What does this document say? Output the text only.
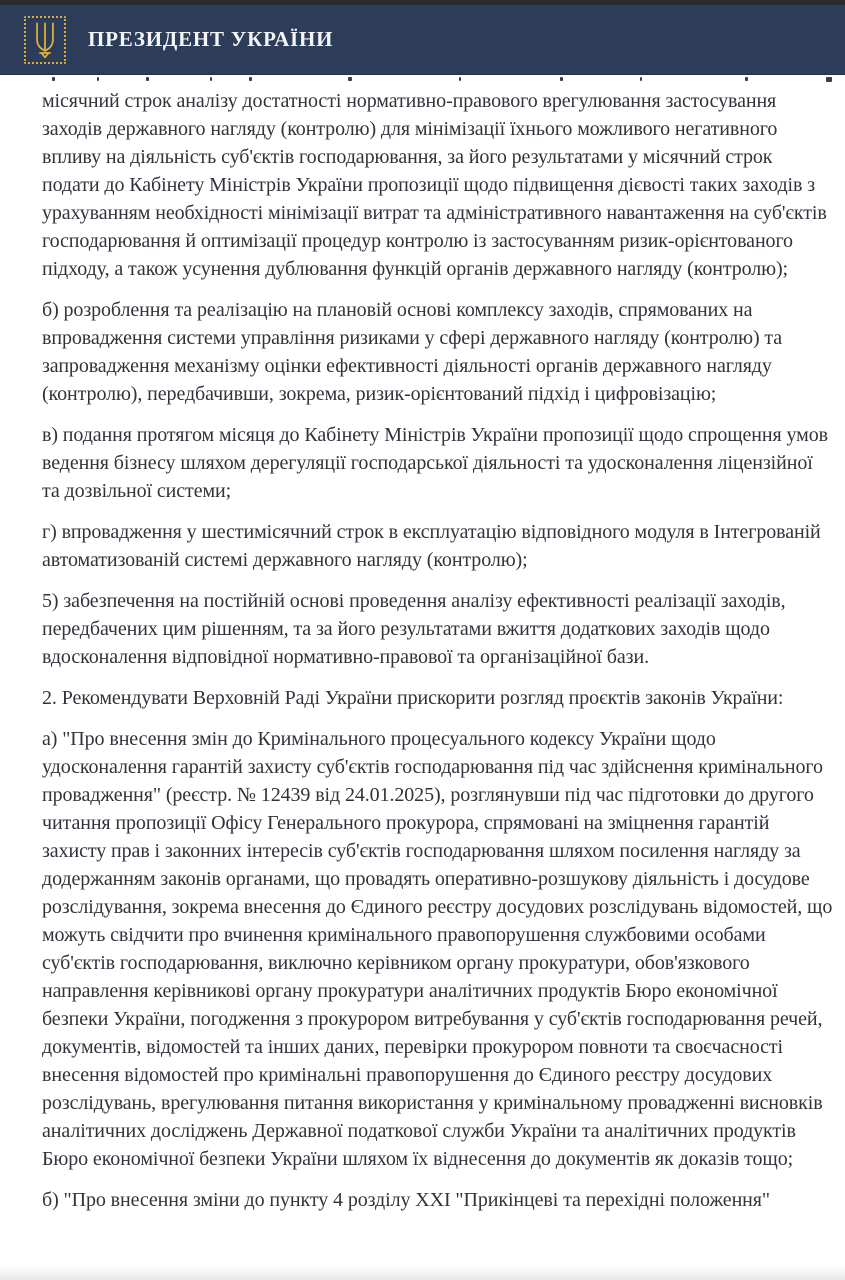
ПРЕЗИДЕНТ УКРАЇНИ

місячний строк аналізу достатності нормативно-правового врегулювання застосування заходів державного нагляду (контролю) для мінімізації їхнього можливого негативного впливу на діяльність суб'єктів господарювання, за його результатами у місячний строк подати до Кабінету Міністрів України пропозиції щодо підвищення дієвості таких заходів з урахуванням необхідності мінімізації витрат та адміністративного навантаження на суб'єктів господарювання й оптимізації процедур контролю із застосуванням ризик-орієнтованого підходу, а також усунення дублювання функцій органів державного нагляду (контролю);

б) розроблення та реалізацію на плановій основі комплексу заходів, спрямованих на впровадження системи управління ризиками у сфері державного нагляду (контролю) та запровадження механізму оцінки ефективності діяльності органів державного нагляду (контролю), передбачивши, зокрема, ризик-орієнтований підхід і цифровізацію;

в) подання протягом місяця до Кабінету Міністрів України пропозиції щодо спрощення умов ведення бізнесу шляхом дерегуляції господарської діяльності та удосконалення ліцензійної та дозвільної системи;

г) впровадження у шестимісячний строк в експлуатацію відповідного модуля в Інтегрованій автоматизованій системі державного нагляду (контролю);

5) забезпечення на постійній основі проведення аналізу ефективності реалізації заходів, передбачених цим рішенням, та за його результатами вжиття додаткових заходів щодо вдосконалення відповідної нормативно-правової та організаційної бази.

2. Рекомендувати Верховній Раді України прискорити розгляд проєктів законів України:

а) "Про внесення змін до Кримінального процесуального кодексу України щодо удосконалення гарантій захисту суб'єктів господарювання під час здійснення кримінального провадження" (реєстр. № 12439 від 24.01.2025), розглянувши під час підготовки до другого читання пропозиції Офісу Генерального прокурора, спрямовані на зміцнення гарантій захисту прав і законних інтересів суб'єктів господарювання шляхом посилення нагляду за додержанням законів органами, що провадять оперативно-розшукову діяльність і досудове розслідування, зокрема внесення до Єдиного реєстру досудових розслідувань відомостей, що можуть свідчити про вчинення кримінального правопорушення службовими особами суб'єктів господарювання, виключно керівником органу прокуратури, обов'язкового направлення керівникові органу прокуратури аналітичних продуктів Бюро економічної безпеки України, погодження з прокурором витребування у суб'єктів господарювання речей, документів, відомостей та інших даних, перевірки прокурором повноти та своєчасності внесення відомостей про кримінальні правопорушення до Єдиного реєстру досудових розслідувань, врегулювання питання використання у кримінальному провадженні висновків аналітичних досліджень Державної податкової служби України та аналітичних продуктів Бюро економічної безпеки України шляхом їх віднесення до документів як доказів тощо;

б) "Про внесення зміни до пункту 4 розділу XXI "Прикінцеві та перехідні положення"
